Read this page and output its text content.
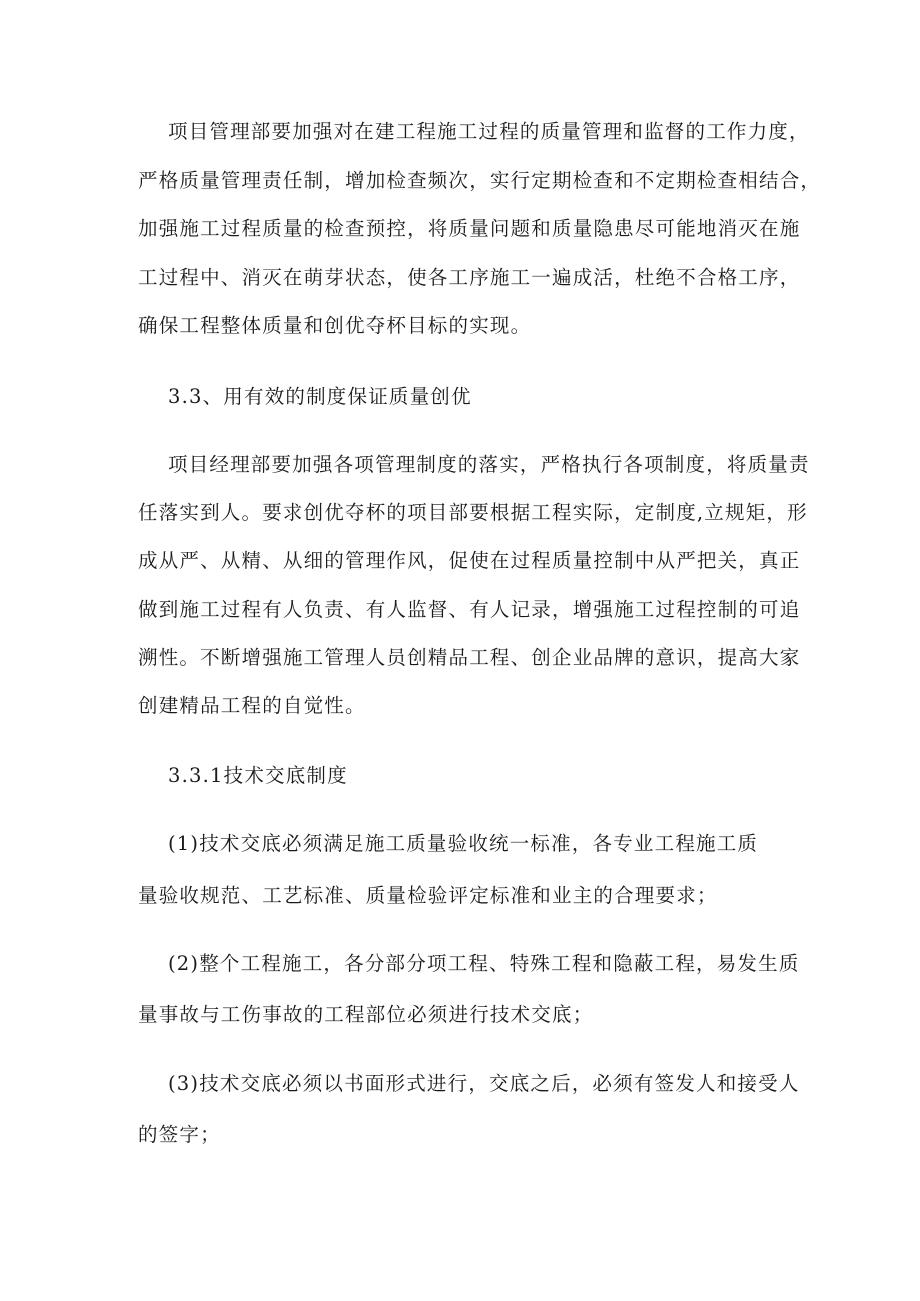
项目管理部要加强对在建工程施工过程的质量管理和监督的工作力度，
严格质量管理责任制，增加检查频次，实行定期检查和不定期检查相结合，
加强施工过程质量的检查预控，将质量问题和质量隐患尽可能地消灭在施
工过程中、消灭在萌芽状态，使各工序施工一遍成活，杜绝不合格工序，
确保工程整体质量和创优夺杯目标的实现。
3.3、用有效的制度保证质量创优
项目经理部要加强各项管理制度的落实，严格执行各项制度，将质量责
任落实到人。要求创优夺杯的项目部要根据工程实际，定制度,立规矩，形
成从严、从精、从细的管理作风，促使在过程质量控制中从严把关，真正
做到施工过程有人负责、有人监督、有人记录，增强施工过程控制的可追
溯性。不断增强施工管理人员创精品工程、创企业品牌的意识，提高大家
创建精品工程的自觉性。
3.3.1技术交底制度
(1)技术交底必须满足施工质量验收统一标准，各专业工程施工质
量验收规范、工艺标准、质量检验评定标准和业主的合理要求；
(2)整个工程施工，各分部分项工程、特殊工程和隐蔽工程，易发生质
量事故与工伤事故的工程部位必须进行技术交底；
(3)技术交底必须以书面形式进行，交底之后，必须有签发人和接受人
的签字；
